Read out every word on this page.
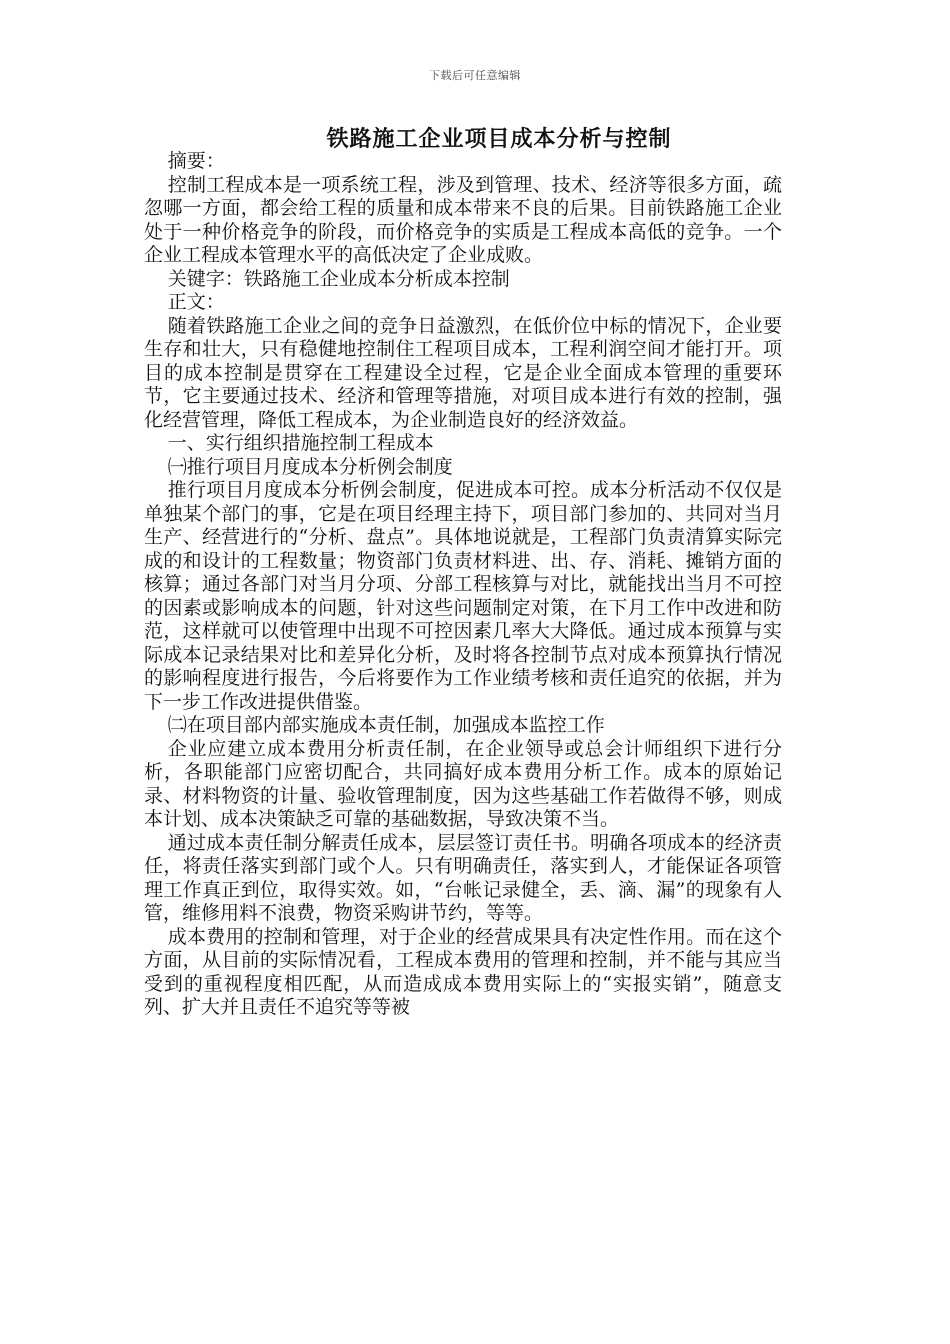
下载后可任意编辑
铁路施工企业项目成本分析与控制

摘要：

控制工程成本是一项系统工程，涉及到管理、技术、经济等很多方面，疏忽哪一方面，都会给工程的质量和成本带来不良的后果。目前铁路施工企业处于一种价格竞争的阶段，而价格竞争的实质是工程成本高低的竞争。一个企业工程成本管理水平的高低决定了企业成败。

关键字：铁路施工企业成本分析成本控制

正文：

随着铁路施工企业之间的竞争日益激烈，在低价位中标的情况下，企业要生存和壮大，只有稳健地控制住工程项目成本，工程利润空间才能打开。项目的成本控制是贯穿在工程建设全过程，它是企业全面成本管理的重要环节，它主要通过技术、经济和管理等措施，对项目成本进行有效的控制，强化经营管理，降低工程成本，为企业制造良好的经济效益。

一、实行组织措施控制工程成本

㈠推行项目月度成本分析例会制度

推行项目月度成本分析例会制度，促进成本可控。成本分析活动不仅仅是单独某个部门的事，它是在项目经理主持下，项目部门参加的、共同对当月生产、经营进行的“分析、盘点”。具体地说就是，工程部门负责清算实际完成的和设计的工程数量；物资部门负责材料进、出、存、消耗、摊销方面的核算；通过各部门对当月分项、分部工程核算与对比，就能找出当月不可控的因素或影响成本的问题，针对这些问题制定对策，在下月工作中改进和防范，这样就可以使管理中出现不可控因素几率大大降低。通过成本预算与实际成本记录结果对比和差异化分析，及时将各控制节点对成本预算执行情况的影响程度进行报告，今后将要作为工作业绩考核和责任追究的依据，并为下一步工作改进提供借鉴。

㈡在项目部内部实施成本责任制，加强成本监控工作

企业应建立成本费用分析责任制，在企业领导或总会计师组织下进行分析，各职能部门应密切配合，共同搞好成本费用分析工作。成本的原始记录、材料物资的计量、验收管理制度，因为这些基础工作若做得不够，则成本计划、成本决策缺乏可靠的基础数据，导致决策不当。

通过成本责任制分解责任成本，层层签订责任书。明确各项成本的经济责任，将责任落实到部门或个人。只有明确责任，落实到人，才能保证各项管理工作真正到位，取得实效。如，“台帐记录健全，丢、滴、漏”的现象有人管，维修用料不浪费，物资采购讲节约，等等。

成本费用的控制和管理，对于企业的经营成果具有决定性作用。而在这个方面，从目前的实际情况看，工程成本费用的管理和控制，并不能与其应当受到的重视程度相匹配，从而造成成本费用实际上的“实报实销”，随意支列、扩大并且责任不追究等等被
